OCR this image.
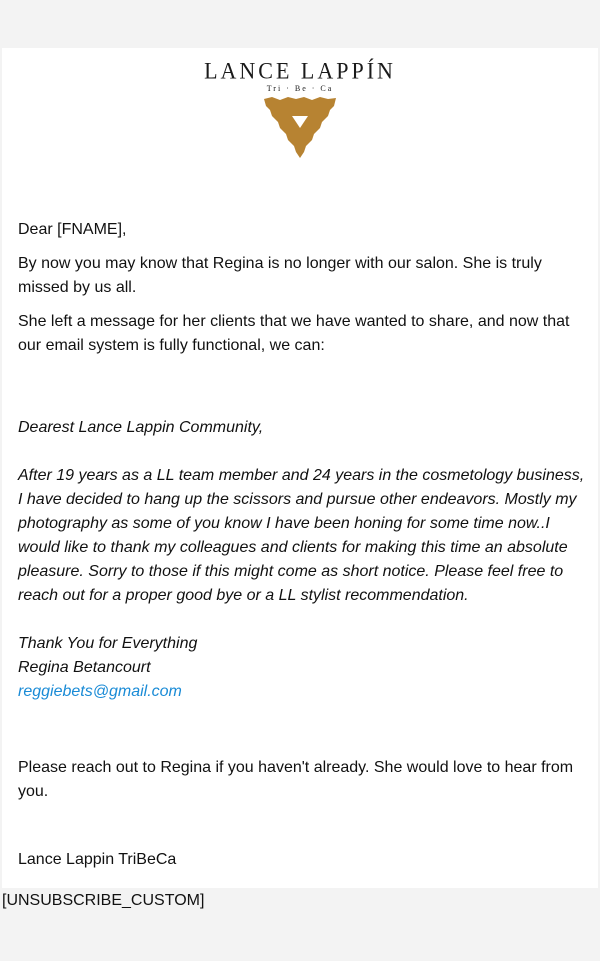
LANCE LAPPÍN
Tri · Be · Ca

Dear [FNAME],

By now you may know that Regina is no longer with our salon. She is truly missed by us all.

She left a message for her clients that we have wanted to share, and now that our email system is fully functional, we can:

Dearest Lance Lappin Community,

After 19 years as a LL team member and 24 years in the cosmetology business, I have decided to hang up the scissors and pursue other endeavors. Mostly my photography as some of you know I have been honing for some time now..I would like to thank my colleagues and clients for making this time an absolute pleasure. Sorry to those if this might come as short notice. Please feel free to reach out for a proper good bye or a LL stylist recommendation.

Thank You for Everything

Regina Betancourt

reggiebets@gmail.com

Please reach out to Regina if you haven't already. She would love to hear from you.

Lance Lappin TriBeCa

[UNSUBSCRIBE_CUSTOM]
